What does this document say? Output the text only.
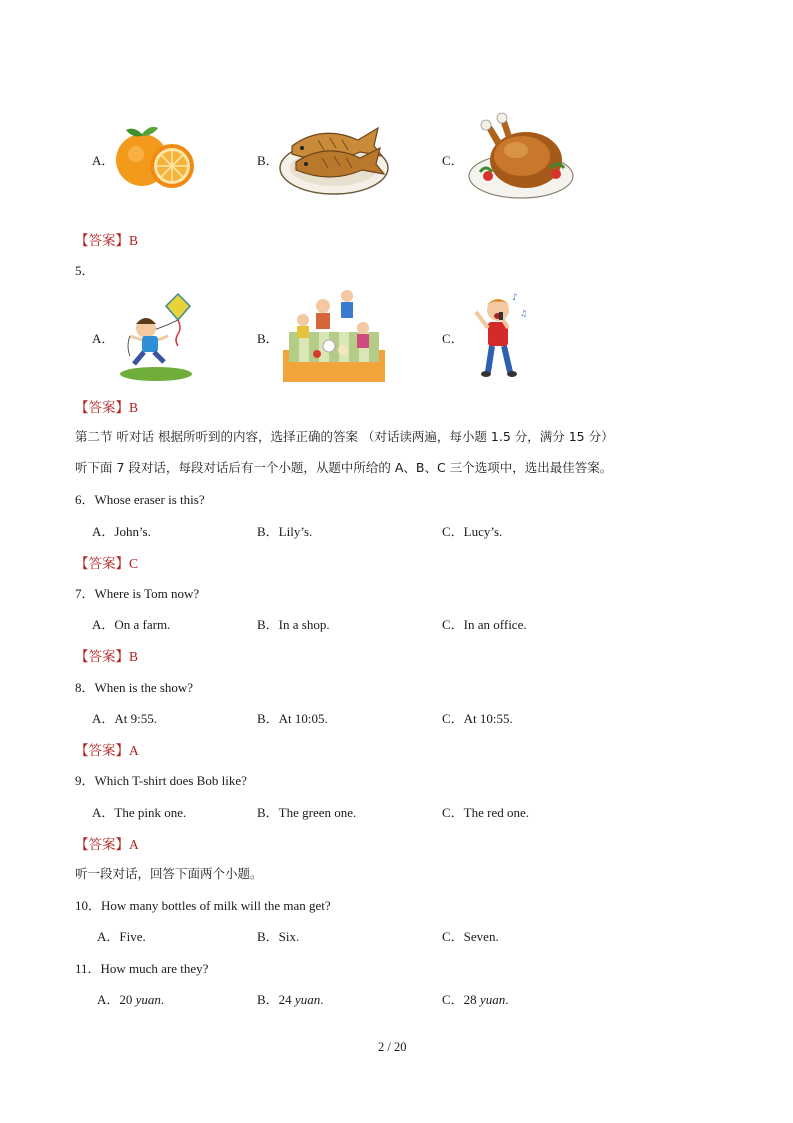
A．	B．	C．
【答案】B
5．
A．	B．	C．
♪
♫
【答案】B
第二节 听对话 根据所听到的内容，选择正确的答案 （对话读两遍，每小题 1.5 分，满分 15 分）
听下面 7 段对话，每段对话后有一个小题，从题中所给的 A、B、C 三个选项中，选出最佳答案。
6．Whose eraser is this?
A．John’s.	B．Lily’s.	C．Lucy’s.
【答案】C
7．Where is Tom now?
A．On a farm.	B．In a shop.	C．In an office.
【答案】B
8．When is the show?
A．At 9:55.	B．At 10:05.	C．At 10:55.
【答案】A
9．Which T-shirt does Bob like?
A．The pink one.	B．The green one.	C．The red one.
【答案】A
听一段对话，回答下面两个小题。
10．How many bottles of milk will the man get?
A．Five.	B．Six.	C．Seven.
11．How much are they?
A．20 yuan.	B．24 yuan.	C．28 yuan.
2 / 20
